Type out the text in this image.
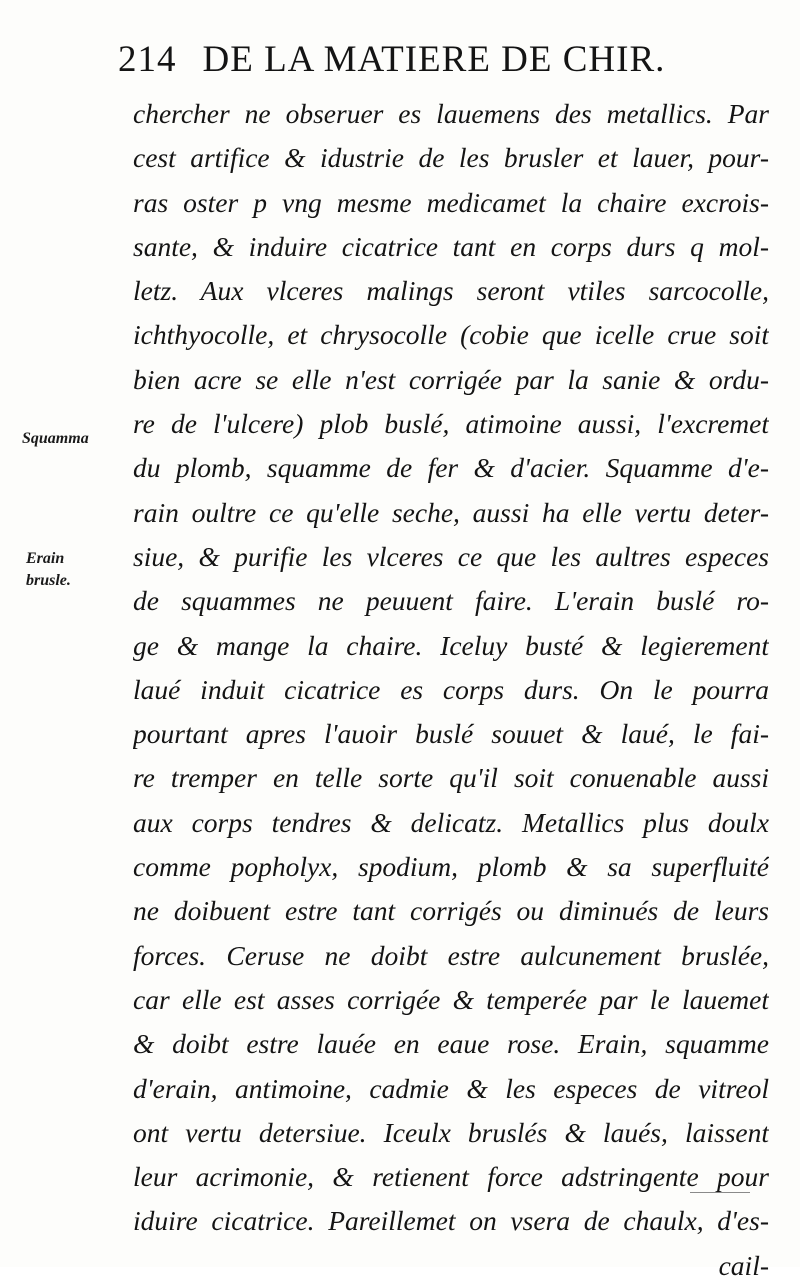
214 DE LA MATIERE DE CHIR.
Squamma
Erain
brusle.
chercher ne obseruer es lauemens des metallics. Par
cest artifice & idustrie de les brusler et lauer, pour-
ras oster p vng mesme medicamet la chaire excrois-
sante, & induire cicatrice tant en corps durs q mol-
letz. Aux vlceres malings seront vtiles sarcocolle,
ichthyocolle, et chrysocolle (cobie que icelle crue soit
bien acre se elle n'est corrigée par la sanie & ordu-
re de l'ulcere) plob buslé, atimoine aussi, l'excremet
du plomb, squamme de fer & d'acier. Squamme d'e-
rain oultre ce qu'elle seche, aussi ha elle vertu deter-
siue, & purifie les vlceres ce que les aultres especes
de squammes ne peuuent faire. L'erain buslé ro-
ge & mange la chaire. Iceluy busté & legierement
laué induit cicatrice es corps durs. On le pourra
pourtant apres l'auoir buslé souuet & laué, le fai-
re tremper en telle sorte qu'il soit conuenable aussi
aux corps tendres & delicatz. Metallics plus doulx
comme popholyx, spodium, plomb & sa superfluité
ne doibuent estre tant corrigés ou diminués de leurs
forces. Ceruse ne doibt estre aulcunement bruslée,
car elle est asses corrigée & temperée par le lauemet
& doibt estre lauée en eaue rose. Erain, squamme
d'erain, antimoine, cadmie & les especes de vitreol
ont vertu detersiue. Iceulx bruslés & laués, laissent
leur acrimonie, & retienent force adstringente pour
iduire cicatrice. Pareillemet on vsera de chaulx, d'es-
cail-
